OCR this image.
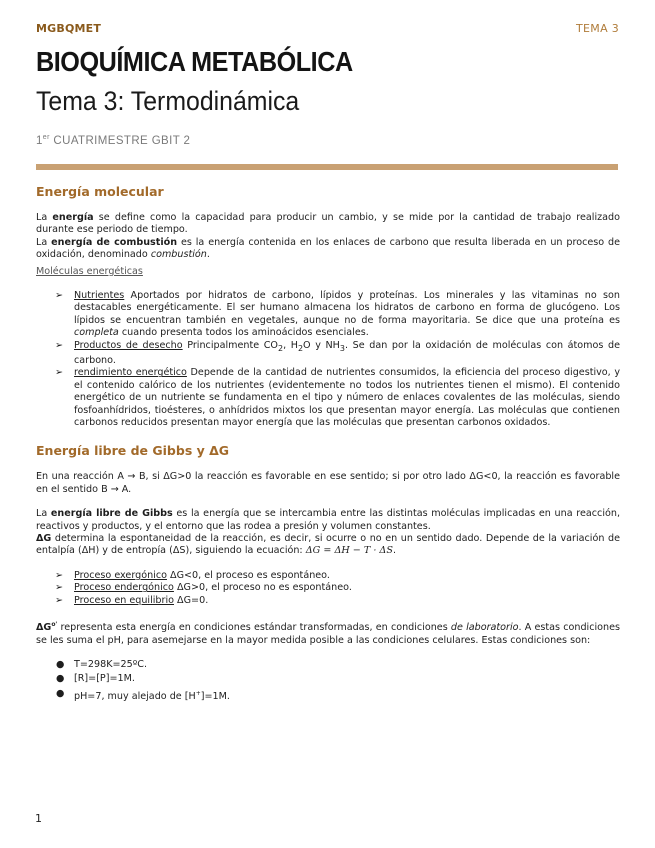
MGBQMET	TEMA 3
BIOQUÍMICA METABÓLICA
Tema 3: Termodinámica
1er CUATRIMESTRE GBIT 2
Energía molecular

La energía se define como la capacidad para producir un cambio, y se mide por la cantidad de trabajo realizado durante ese periodo de tiempo.

La energía de combustión es la energía contenida en los enlaces de carbono que resulta liberada en un proceso de oxidación, denominado combustión.

Moléculas energéticas

➢ Nutrientes Aportados por hidratos de carbono, lípidos y proteínas. Los minerales y las vitaminas no son destacables energéticamente. El ser humano almacena los hidratos de carbono en forma de glucógeno. Los lípidos se encuentran también en vegetales, aunque no de forma mayoritaria. Se dice que una proteína es completa cuando presenta todos los aminoácidos esenciales.
➢ Productos de desecho Principalmente $CO_2$, $H_2O$ y $NH_3$. Se dan por la oxidación de moléculas con átomos de carbono.
➢ rendimiento energético Depende de la cantidad de nutrientes consumidos, la eficiencia del proceso digestivo, y el contenido calórico de los nutrientes (evidentemente no todos los nutrientes tienen el mismo). El contenido energético de un nutriente se fundamenta en el tipo y número de enlaces covalentes de las moléculas, siendo fosfoanhídridos, tioésteres, o anhídridos mixtos los que presentan mayor energía. Las moléculas que contienen carbonos reducidos presentan mayor energía que las moléculas que presentan carbonos oxidados.
Energía libre de Gibbs y ΔG

En una reacción A → B, si ΔG>0 la reacción es favorable en ese sentido; si por otro lado ΔG<0, la reacción es favorable en el sentido B → A.

La energía libre de Gibbs es la energía que se intercambia entre las distintas moléculas implicadas en una reacción, reactivos y productos, y el entorno que las rodea a presión y volumen constantes.

ΔG determina la espontaneidad de la reacción, es decir, si ocurre o no en un sentido dado. Depende de la variación de entalpía (ΔH) y de entropía (ΔS), siguiendo la ecuación: ΔG = ΔH − T · ΔS.

➢ Proceso exergónico ΔG<0, el proceso es espontáneo.
➢ Proceso endergónico ΔG>0, el proceso no es espontáneo.
➢ Proceso en equilibrio ΔG=0.

$\Delta G^{o'}$ representa esta energía en condiciones estándar transformadas, en condiciones de laboratorio. A estas condiciones se les suma el pH, para asemejarse en la mayor medida posible a las condiciones celulares. Estas condiciones son:

● T=298K=25ºC.
● [R]=[P]=1M.
● pH=7, muy alejado de [H+]=1M.
1
